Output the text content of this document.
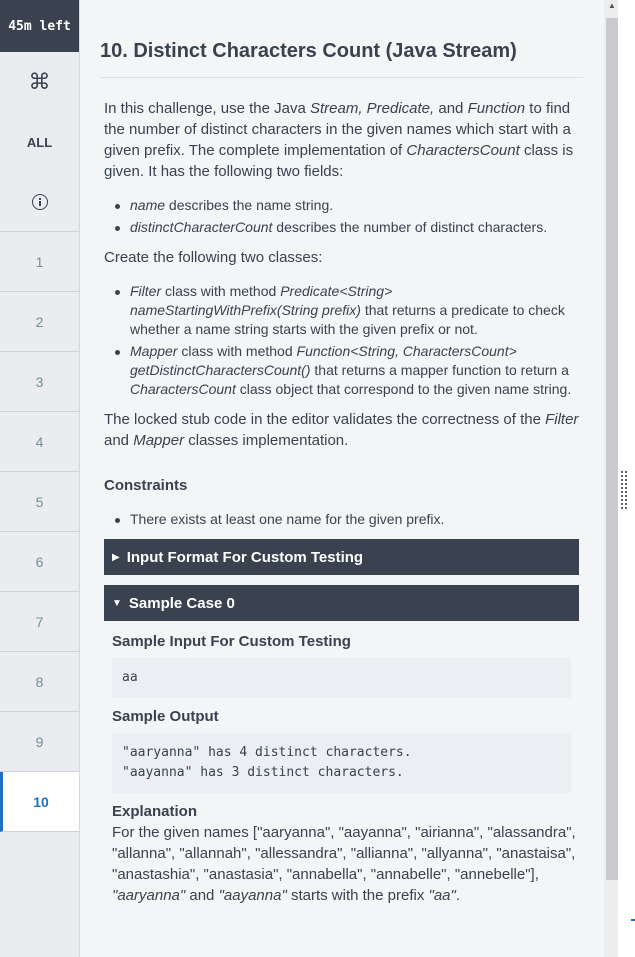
45m left
⌘
ALL
1
2
3
4
5
6
7
8
9
10
10. Distinct Characters Count (Java Stream)

In this challenge, use the Java Stream, Predicate, and Function to find the number of distinct characters in the given names which start with a given prefix. The complete implementation of CharactersCount class is given. It has the following two fields:

name describes the name string.
distinctCharacterCount describes the number of distinct characters.

Create the following two classes:

Filter class with method Predicate<String> nameStartingWithPrefix(String prefix) that returns a predicate to check whether a name string starts with the given prefix or not.
Mapper class with method Function<String, CharactersCount> getDistinctCharactersCount() that returns a mapper function to return a CharactersCount class object that correspond to the given name string.

The locked stub code in the editor validates the correctness of the Filter and Mapper classes implementation.

Constraints
There exists at least one name for the given prefix.
▶ Input Format For Custom Testing
▼ Sample Case 0
Sample Input For Custom Testing
aa
Sample Output
"aaryanna" has 4 distinct characters.
"aayanna" has 3 distinct characters.
Explanation

For the given names ["aaryanna", "aayanna", "airianna", "alassandra", "allanna", "allannah", "allessandra", "allianna", "allyanna", "anastaisa", "anastashia", "anastasia", "annabella", "annabelle", "annebelle"], "aaryanna" and "aayanna" starts with the prefix "aa".

▲
